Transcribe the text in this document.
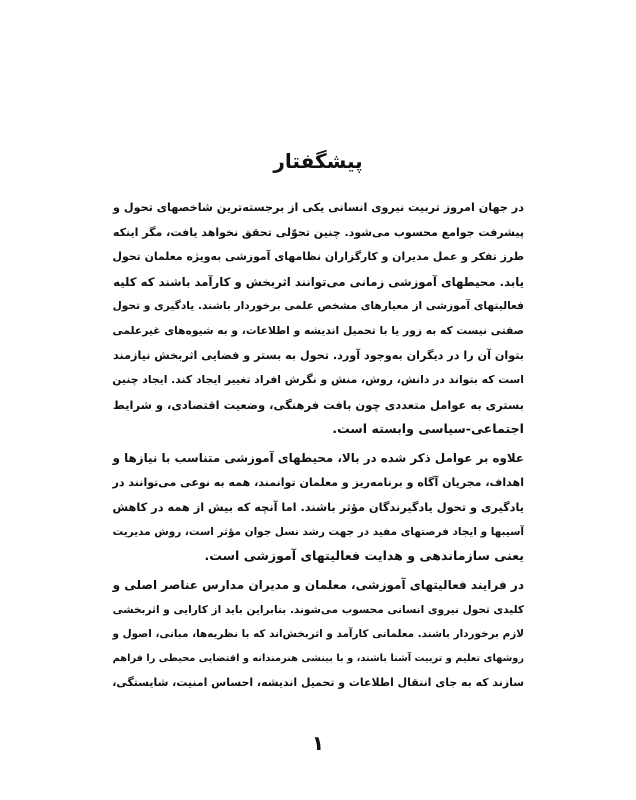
پیشگفتار
در جهان امروز تربیت نیروی انسانی یکی از برجسته‌ترین شاخصهای تحول و
پیشرفت جوامع محسوب می‌شود. چنین تحوّلی تحقق نخواهد یافت، مگر اینکه
طرز تفکر و عمل مدیران و کارگزاران نظامهای آموزشی به‌ویژه معلمان تحول
یابد. محیطهای آموزشی زمانی می‌توانند اثربخش و کارآمد باشند که کلیه
فعالیتهای آموزشی از معیارهای مشخص علمی برخوردار باشند. یادگیری و تحول
صفتی نیست که به زور یا با تحمیل اندیشه و اطلاعات، و به شیوه‌های غیرعلمی
بتوان آن را در دیگران به‌وجود آورد. تحول به بستر و فضایی اثربخش نیازمند
است که بتواند در دانش، روش، منش و نگرش افراد تغییر ایجاد کند. ایجاد چنین
بستری به عوامل متعددی چون بافت فرهنگی، وضعیت اقتصادی، و شرایط
اجتماعی-سیاسی وابسته است.
علاوه بر عوامل ذکر شده در بالا، محیطهای آموزشی متناسب با نیازها و
اهداف، مجریان آگاه و برنامه‌ریز و معلمان توانمند، همه به نوعی می‌توانند در
یادگیری و تحول یادگیرندگان مؤثر باشند. اما آنچه که بیش از همه در کاهش
آسیبها و ایجاد فرصتهای مفید در جهت رشد نسل جوان مؤثر است، روش مدیریت
یعنی سازماندهی و هدایت فعالیتهای آموزشی است.
در فرایند فعالیتهای آموزشی، معلمان و مدیران مدارس عناصر اصلی و
کلیدی تحول نیروی انسانی محسوب می‌شوند. بنابراین باید از کارایی و اثربخشی
لازم برخوردار باشند. معلمانی کارآمد و اثربخش‌اند که با نظریه‌ها، مبانی، اصول و
روشهای تعلیم و تربیت آشنا باشند، و با بینشی هنرمندانه و اقتضایی محیطی را فراهم
سازند که به جای انتقال اطلاعات و تحمیل اندیشه، احساس امنیت، شایستگی،
۱
